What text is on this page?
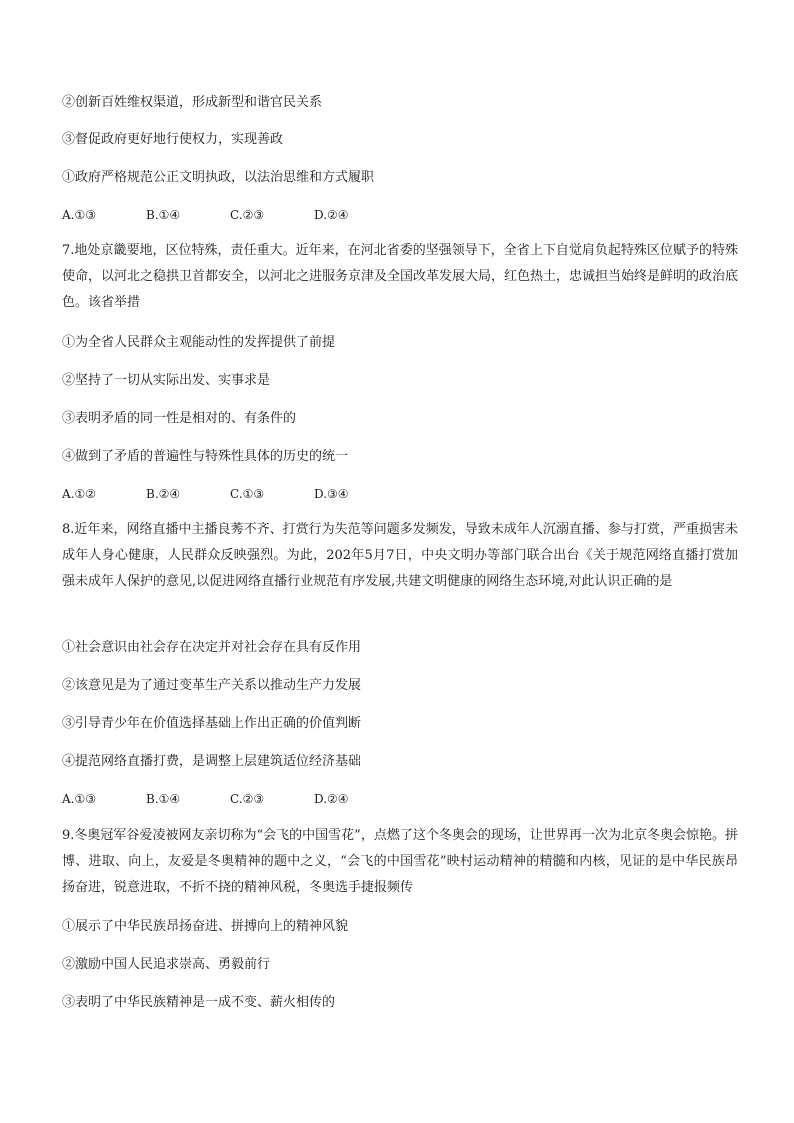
②创新百姓维权渠道，形成新型和谐官民关系
③督促政府更好地行使权力，实现善政
①政府严格规范公正文明执政，以法治思维和方式履职
A.①③	B.①④	C.②③	D.②④
7.地处京畿要地，区位特殊，责任重大。近年来，在河北省委的坚强领导下，全省上下自觉肩负起特殊区位赋予的特殊使命，以河北之稳拱卫首都安全，以河北之进服务京津及全国改革发展大局，红色热土，忠诚担当始终是鲜明的政治底色。该省举措
①为全省人民群众主观能动性的发挥提供了前提
②坚持了一切从实际出发、实事求是
③表明矛盾的同一性是相对的、有条件的
④做到了矛盾的普遍性与特殊性具体的历史的统一
A.①②	B.②④	C.①③	D.③④
8.近年来，网络直播中主播良莠不齐、打赏行为失范等问题多发频发，导致未成年人沉溺直播、参与打赏，严重损害未成年人身心健康，人民群众反映强烈。为此，202年5月7日，中央文明办等部门联合出台《关于规范网络直播打赏加强未成年人保护的意见,以促进网络直播行业规范有序发展,共建文明健康的网络生态环境,对此认识正确的是
①社会意识由社会存在决定并对社会存在具有反作用
②该意见是为了通过变革生产关系以推动生产力发展
③引导青少年在价值选择基础上作出正确的价值判断
④提范网络直播打费，是调整上层建筑适位经济基础
A.①③	B.①④	C.②③	D.②④
9.冬奥冠军谷爱凌被网友亲切称为“会飞的中国雪花”，点燃了这个冬奥会的现场，让世界再一次为北京冬奥会惊艳。拼博、进取、向上，友爱是冬奥精神的题中之义，“会飞的中国雪花”映村运动精神的精髓和内核，见证的是中华民族昂扬奋进，锐意进取，不折不挠的精神风税，冬奥选手捷报频传
①展示了中华民族昂扬奋进、拼搏向上的精神风貌
②激励中国人民追求崇高、勇毅前行
③表明了中华民族精神是一成不变、薪火相传的
